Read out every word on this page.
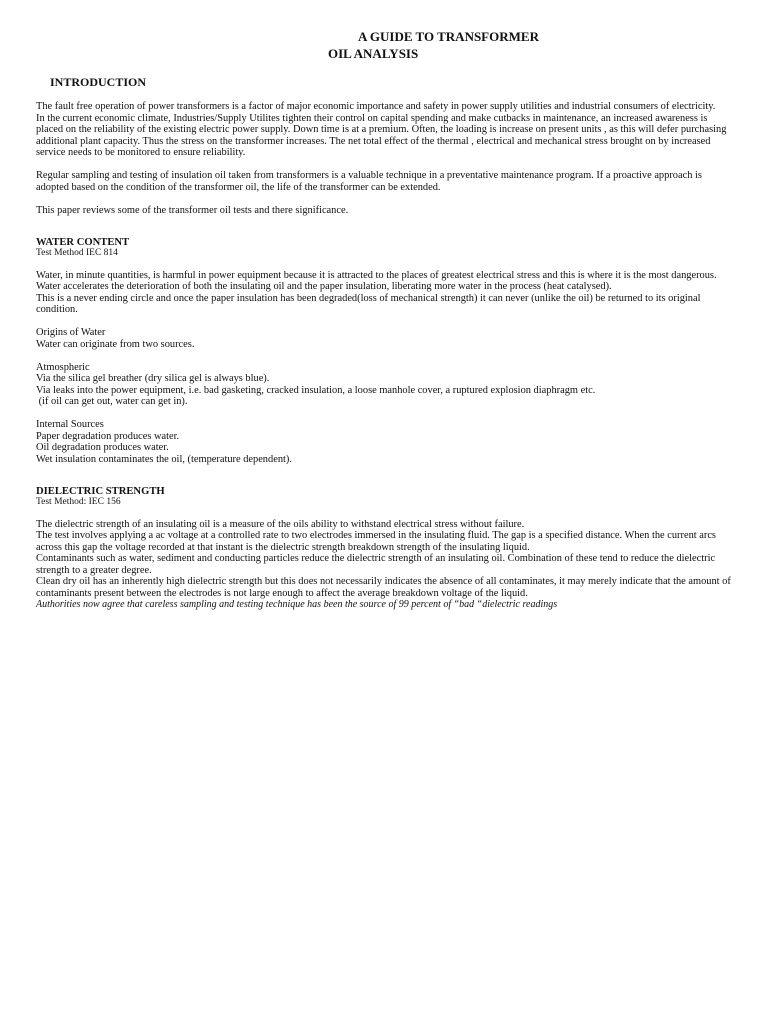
A GUIDE TO TRANSFORMER
OIL ANALYSIS
INTRODUCTION

The fault free operation of power transformers is a factor of major economic importance and safety in power supply utilities and industrial consumers of electricity.

In the current economic climate, Industries/Supply Utilites tighten their control on capital spending and make cutbacks in maintenance, an increased awareness is placed on the reliability of the existing electric power supply. Down time is at a premium. Often, the loading is increase on present units , as this will defer purchasing additional plant capacity. Thus the stress on the transformer increases. The net total effect of the thermal , electrical and mechanical stress brought on by increased service needs to be monitored to ensure reliability.

Regular sampling and testing of insulation oil taken from transformers is a valuable technique in a preventative maintenance program. If a proactive approach is adopted based on the condition of the transformer oil, the life of the transformer can be extended.

This paper reviews some of the transformer oil tests and there significance.

WATER CONTENT

Test Method IEC 814

Water, in minute quantities, is harmful in power equipment because it is attracted to the places of greatest electrical stress and this is where it is the most dangerous. Water accelerates the deterioration of both the insulating oil and the paper insulation, liberating more water in the process (heat catalysed).

This is a never ending circle and once the paper insulation has been degraded(loss of mechanical strength) it can never (unlike the oil) be returned to its original condition.

Origins of Water

Water can originate from two sources.

Atmospheric

Via the silica gel breather (dry silica gel is always blue).

Via leaks into the power equipment, i.e. bad gasketing, cracked insulation, a loose manhole cover, a ruptured explosion diaphragm etc.

(if oil can get out, water can get in).

Internal Sources

Paper degradation produces water.

Oil degradation produces water.

Wet insulation contaminates the oil, (temperature dependent).

DIELECTRIC STRENGTH

Test Method: IEC 156

The dielectric strength of an insulating oil is a measure of the oils ability to withstand electrical stress without failure.

The test involves applying a ac voltage at a controlled rate to two electrodes immersed in the insulating fluid. The gap is a specified distance. When the current arcs across this gap the voltage recorded at that instant is the dielectric strength breakdown strength of the insulating liquid.

Contaminants such as water, sediment and conducting particles reduce the dielectric strength of an insulating oil. Combination of these tend to reduce the dielectric strength to a greater degree.

Clean dry oil has an inherently high dielectric strength but this does not necessarily indicates the absence of all contaminates, it may merely indicate that the amount of contaminants present between the electrodes is not large enough to affect the average breakdown voltage of the liquid.

Authorities now agree that careless sampling and testing technique has been the source of 99 percent of “bad “dielectric readings
